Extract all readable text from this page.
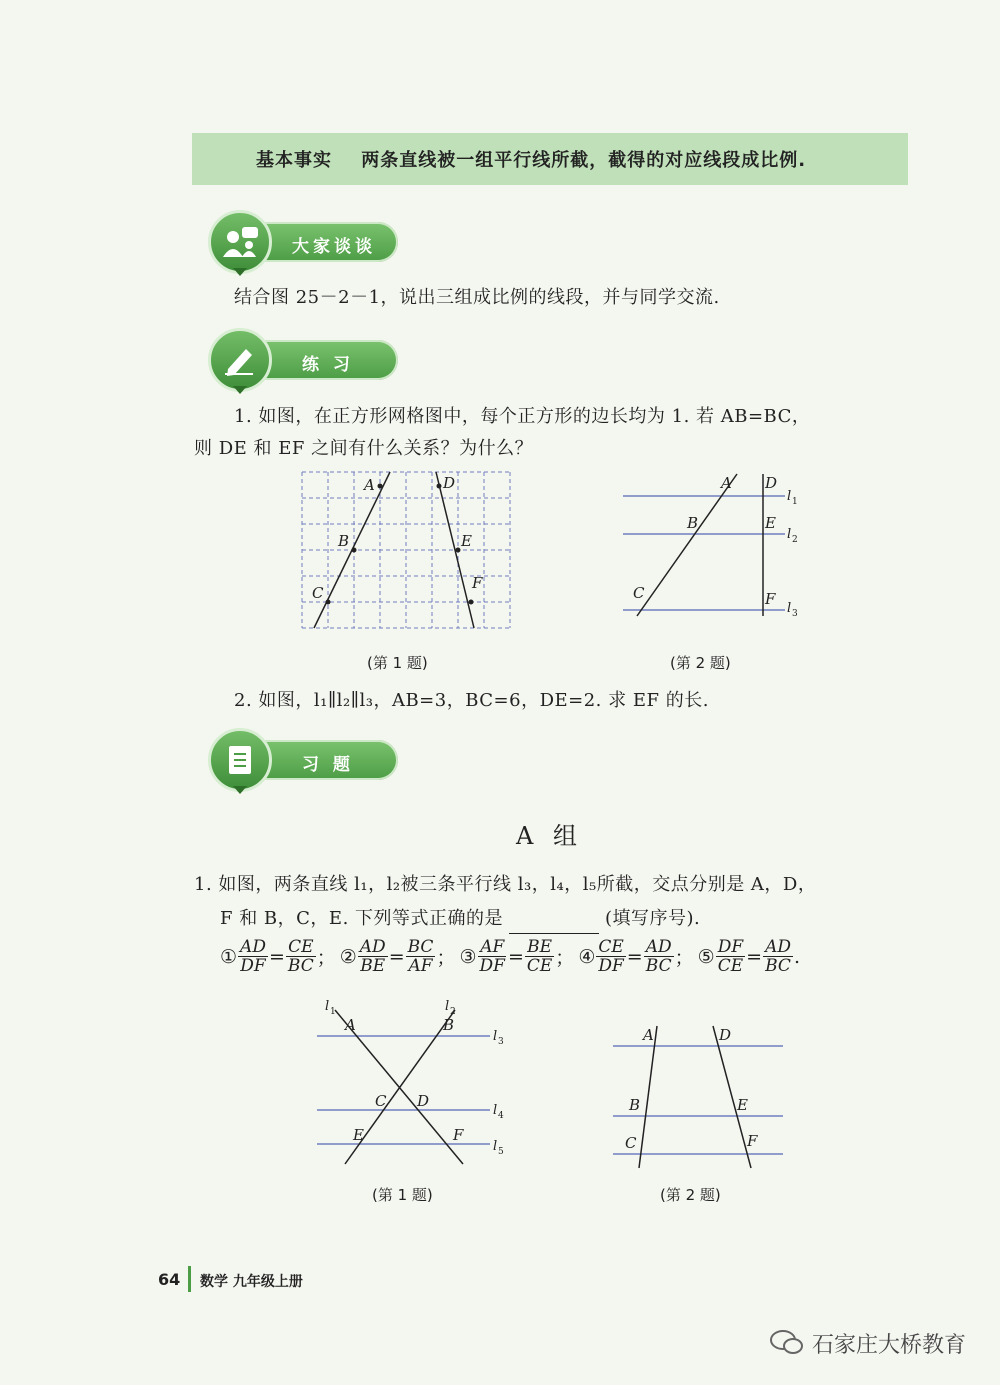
基本事实 两条直线被一组平行线所截，截得的对应线段成比例.
大家谈谈
结合图 25－2－1，说出三组成比例的线段，并与同学交流.
练 习
1. 如图，在正方形网格图中，每个正方形的边长均为 1. 若 AB=BC，
则 DE 和 EF 之间有什么关系？为什么？
A
B
C
D
E
F
(第 1 题)
A
B
C
D
E
F
l 1
l 2
l 3
(第 2 题)
2. 如图，l₁∥l₂∥l₃，AB=3，BC=6，DE=2. 求 EF 的长.
习 题
A 组
1. 如图，两条直线 l₁，l₂被三条平行线 l₃，l₄，l₅所截，交点分别是 A，D，
F 和 B，C，E. 下列等式正确的是	(填写序号).
① $\frac{AD}{DF} = \frac{CE}{BC}$ ； ② $\frac{AD}{BE} = \frac{BC}{AF}$ ； ③ $\frac{AF}{DF} = \frac{BE}{CE}$ ； ④ $\frac{CE}{DF} = \frac{AD}{BC}$ ； ⑤ $\frac{DF}{CE} = \frac{AD}{BC}$ .
A	B
C D
E	F
l 1	l 2
l 3
l 4
l 5
(第 1 题)
A	D
B	E
C	F
(第 2 题)
64 数学 九年级上册
石家庄大桥教育
